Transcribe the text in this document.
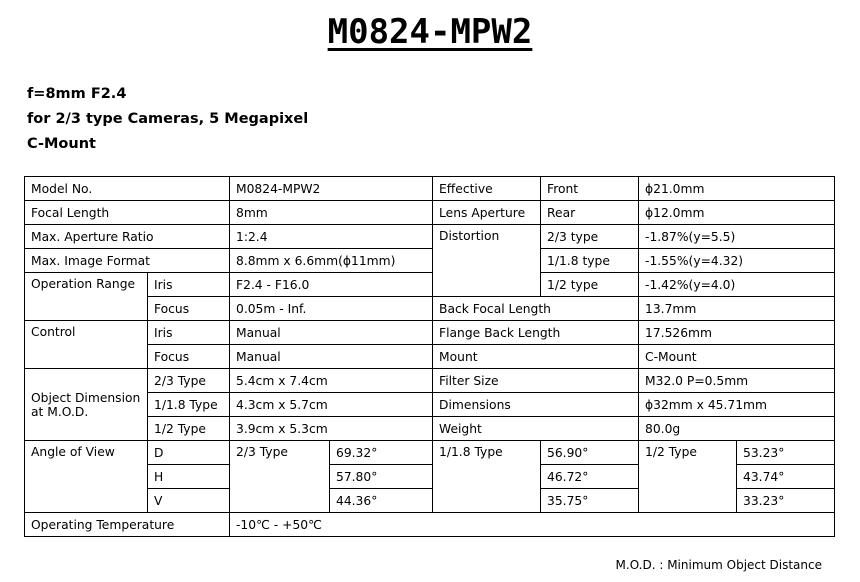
M0824-MPW2
f=8mm F2.4
for 2/3 type Cameras, 5 Megapixel
C-Mount
Model No.		M0824-MPW2		Effective	Front	ϕ21.0mm	
Focal Length		8mm		Lens Aperture	Rear	ϕ12.0mm	
Max. Aperture Ratio		1:2.4		Distortion	2/3 type	-1.87%(y=5.5)	
Max. Image Format		8.8mm x 6.6mm(ϕ11mm)			1/1.8 type	-1.55%(y=4.32)	
Operation Range	Iris	F2.4 - F16.0			1/2 type	-1.42%(y=4.0)	
	Focus	0.05m - Inf.		Back Focal Length		13.7mm	
Control	Iris	Manual		Flange Back Length		17.526mm	
	Focus	Manual		Mount		C-Mount	
Object Dimension
at M.O.D.	2/3 Type	5.4cm x 7.4cm		Filter Size		M32.0 P=0.5mm	
	1/1.8 Type	4.3cm x 5.7cm		Dimensions		ϕ32mm x 45.71mm	
	1/2 Type	3.9cm x 5.3cm		Weight		80.0g	
Angle of View	D	2/3 Type	69.32°	1/1.8 Type	56.90°	1/2 Type	53.23°
	H		57.80°		46.72°		43.74°
	V		44.36°		35.75°		33.23°
Operating Temperature		-10℃ - +50℃					
M.O.D. : Minimum Object Distance
